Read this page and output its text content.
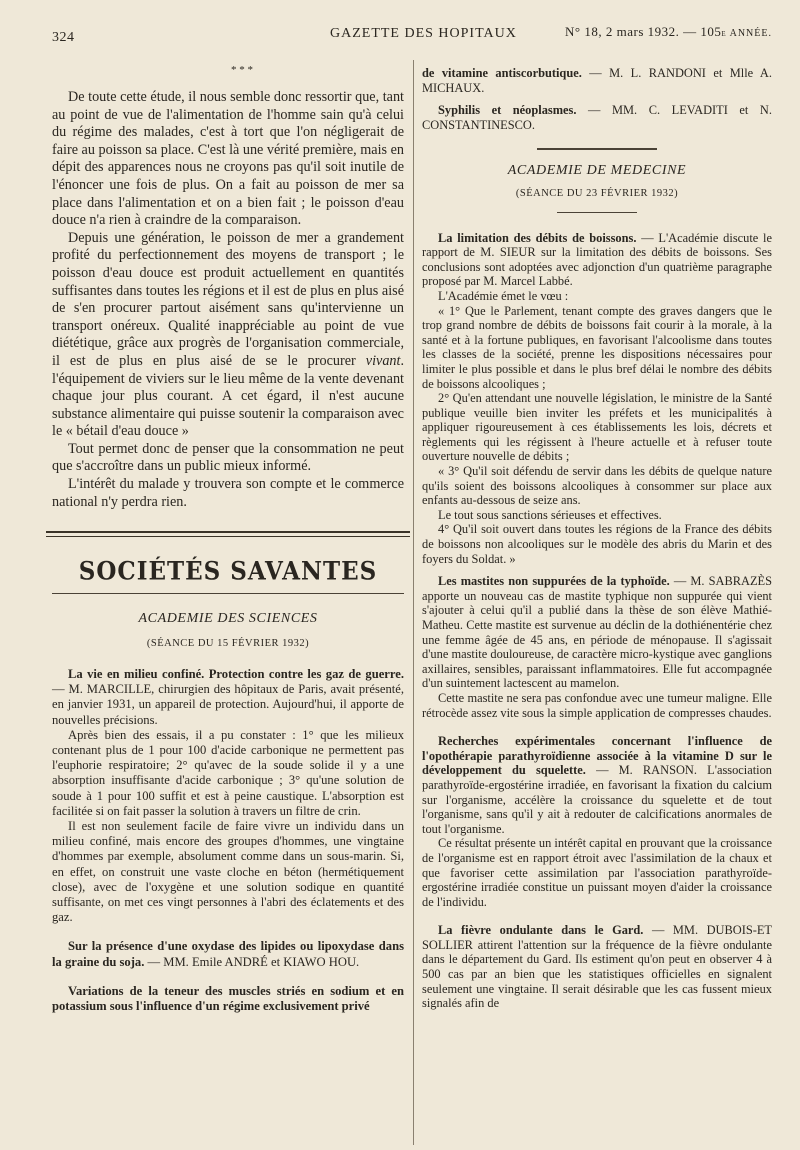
324	GAZETTE DES HOPITAUX	N° 18, 2 mars 1932. — 105e ANNÉE.
* * *

De toute cette étude, il nous semble donc ressortir que, tant au point de vue de l'alimentation de l'homme sain qu'à celui du régime des malades, c'est à tort que l'on négligerait de faire au poisson sa place. C'est là une vérité première, mais en dépit des apparences nous ne croyons pas qu'il soit inutile de l'énoncer une fois de plus. On a fait au poisson de mer sa place dans l'alimentation et on a bien fait ; le poisson d'eau douce n'a rien à craindre de la comparaison.

Depuis une génération, le poisson de mer a grandement profité du perfectionnement des moyens de transport ; le poisson d'eau douce est produit actuellement en quantités suffisantes dans toutes les régions et il est de plus en plus aisé de s'en procurer partout aisément sans qu'intervienne un transport onéreux. Qualité inappréciable au point de vue diététique, grâce aux progrès de l'organisation commerciale, il est de plus en plus aisé de se le procurer vivant. l'équipement de viviers sur le lieu même de la vente devenant chaque jour plus courant. A cet égard, il n'est aucune substance alimentaire qui puisse soutenir la comparaison avec le « bétail d'eau douce »

Tout permet donc de penser que la consommation ne peut que s'accroître dans un public mieux informé.

L'intérêt du malade y trouvera son compte et le commerce national n'y perdra rien.

SOCIÉTÉS SAVANTES
ACADEMIE DES SCIENCES
(SÉANCE DU 15 FÉVRIER 1932)

La vie en milieu confiné. Protection contre les gaz de guerre. — M. MARCILLE, chirurgien des hôpitaux de Paris, avait présenté, en janvier 1931, un appareil de protection. Aujourd'hui, il apporte de nouvelles précisions.

Après bien des essais, il a pu constater : 1° que les milieux contenant plus de 1 pour 100 d'acide carbonique ne permettent pas l'euphorie respiratoire; 2° qu'avec de la soude solide il y a une absorption insuffisante d'acide carbonique ; 3° qu'une solution de soude à 1 pour 100 suffit et est à peine caustique. L'absorption est facilitée si on fait passer la solution à travers un filtre de crin.

Il est non seulement facile de faire vivre un individu dans un milieu confiné, mais encore des groupes d'hommes, une vingtaine d'hommes par exemple, absolument comme dans un sous-marin. Si, en effet, on construit une vaste cloche en béton (hermétiquement close), avec de l'oxygène et une solution sodique en quantité suffisante, on met ces vingt personnes à l'abri des éclatements et des gaz.

Sur la présence d'une oxydase des lipides ou lipoxydase dans la graine du soja. — MM. Emile ANDRÉ et KIAWO HOU.

Variations de la teneur des muscles striés en sodium et en potassium sous l'influence d'un régime exclusivement privé

de vitamine antiscorbutique. — M. L. RANDONI et Mlle A. MICHAUX.

Syphilis et néoplasmes. — MM. C. LEVADITI et N. CONSTANTINESCO.

ACADEMIE DE MEDECINE
(SÉANCE DU 23 FÉVRIER 1932)

La limitation des débits de boissons. — L'Académie discute le rapport de M. SIEUR sur la limitation des débits de boissons. Ses conclusions sont adoptées avec adjonction d'un quatrième paragraphe proposé par M. Marcel Labbé.

L'Académie émet le vœu :

« 1° Que le Parlement, tenant compte des graves dangers que le trop grand nombre de débits de boissons fait courir à la morale, à la santé et à la fortune publiques, en favorisant l'alcoolisme dans toutes les classes de la société, prenne les dispositions nécessaires pour limiter le plus possible et dans le plus bref délai le nombre des débits de boissons alcooliques ;

2° Qu'en attendant une nouvelle législation, le ministre de la Santé publique veuille bien inviter les préfets et les municipalités à appliquer rigoureusement à ces établissements les lois, décrets et règlements qui les régissent à l'heure actuelle et à refuser toute ouverture nouvelle de débits ;

« 3° Qu'il soit défendu de servir dans les débits de quelque nature qu'ils soient des boissons alcooliques à consommer sur place aux enfants au-dessous de seize ans.

Le tout sous sanctions sérieuses et effectives.

4° Qu'il soit ouvert dans toutes les régions de la France des débits de boissons non alcooliques sur le modèle des abris du Marin et des foyers du Soldat. »

Les mastites non suppurées de la typhoïde. — M. SABRAZÈS apporte un nouveau cas de mastite typhique non suppurée qui vient s'ajouter à celui qu'il a publié dans la thèse de son élève Mathié-Matheu. Cette mastite est survenue au déclin de la dothiénentérie chez une femme âgée de 45 ans, en période de ménopause. Il s'agissait d'une mastite douloureuse, de caractère micro-kystique avec ganglions axillaires, sensibles, paraissant inflammatoires. Elle fut accompagnée d'un suintement lactescent au mamelon.

Cette mastite ne sera pas confondue avec une tumeur maligne. Elle rétrocède assez vite sous la simple application de compresses chaudes.

Recherches expérimentales concernant l'influence de l'opothérapie parathyroïdienne associée à la vitamine D sur le développement du squelette. — M. RANSON. L'association parathyroïde-ergostérine irradiée, en favorisant la fixation du calcium sur l'organisme, accélère la croissance du squelette et de tout l'organisme, sans qu'il y ait à redouter de calcifications anormales de tout l'organisme.

Ce résultat présente un intérêt capital en prouvant que la croissance de l'organisme est en rapport étroit avec l'assimilation de la chaux et que favoriser cette assimilation par l'association parathyroïde-ergostérine irradiée constitue un puissant moyen d'aider la croissance de l'individu.

La fièvre ondulante dans le Gard. — MM. DUBOIS-ET SOLLIER attirent l'attention sur la fréquence de la fièvre ondulante dans le département du Gard. Ils estiment qu'on peut en observer 4 à 500 cas par an bien que les statistiques officielles en signalent seulement une vingtaine. Il serait désirable que les cas fussent mieux signalés afin de
